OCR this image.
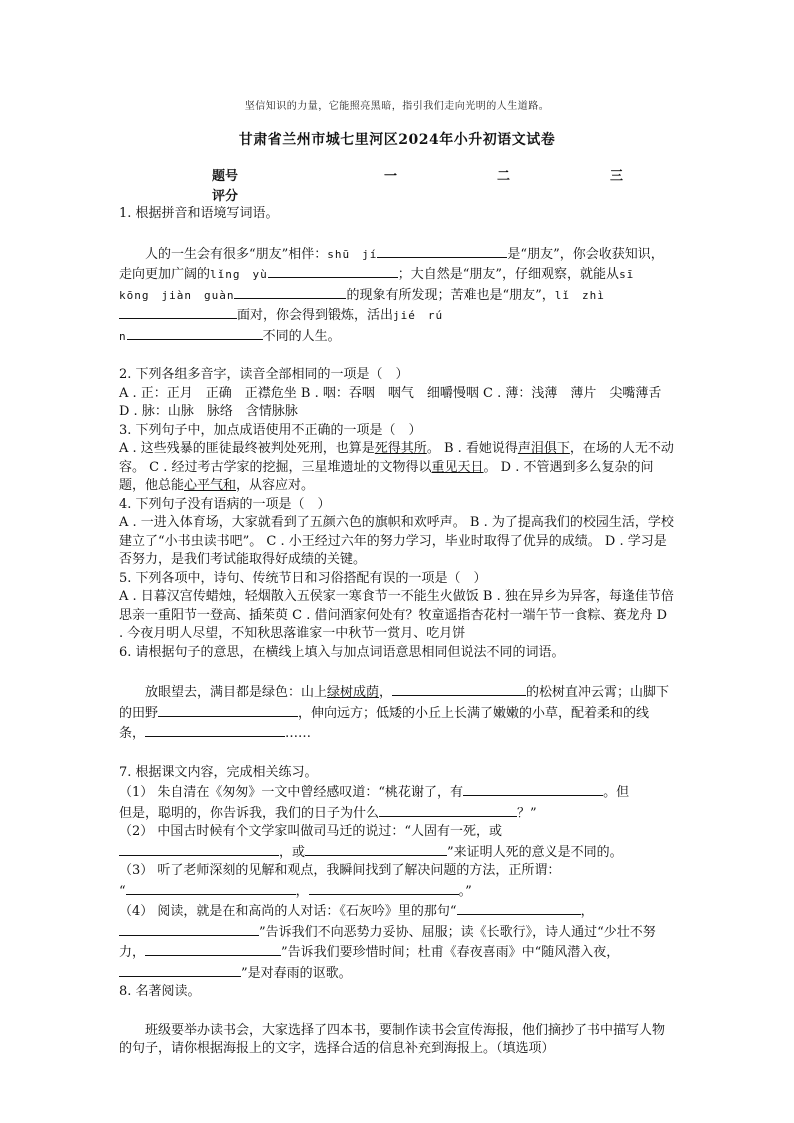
坚信知识的力量，它能照亮黑暗，指引我们走向光明的人生道路。
甘肃省兰州市城七里河区2024年小升初语文试卷
题号	一	二	三
评分

1. 根据拼音和语境写词语。

人的一生会有很多“朋友”相伴：shū　jí	是“朋友”，你会收获知识，走向更加广阔的lǐng　yù	；大自然是“朋友”，仔细观察，就能从sī　kōng　jiàn　guàn	的现象有所发现；苦难也是“朋友”，lǐ　zhì面对，你会得到锻炼，活出jié　rú

n	不同的人生。

2. 下列各组多音字，读音全部相同的一项是（　）

A . 正：正月　正确　正襟危坐 B . 咽：吞咽　咽气　细嚼慢咽 C . 薄：浅薄　薄片　尖嘴薄舌 D . 脉：山脉　脉络　含情脉脉

3. 下列句子中，加点成语使用不正确的一项是（　）

A . 这些残暴的匪徒最终被判处死刑，也算是死得其所。 B . 看她说得声泪俱下，在场的人无不动容。 C . 经过考古学家的挖掘，三星堆遗址的文物得以重见天日。 D . 不管遇到多么复杂的问题，他总能心平气和，从容应对。

4. 下列句子没有语病的一项是（　）

A . 一进入体育场，大家就看到了五颜六色的旗帜和欢呼声。 B . 为了提高我们的校园生活，学校建立了“小书虫读书吧”。 C . 小王经过六年的努力学习，毕业时取得了优异的成绩。 D . 学习是否努力，是我们考试能取得好成绩的关键。

5. 下列各项中，诗句、传统节日和习俗搭配有误的一项是（　）

A . 日暮汉宫传蜡烛，轻烟散入五侯家一寒食节一不能生火做饭 B . 独在异乡为异客，每逢佳节倍思亲一重阳节一登高、插茱萸 C . 借问酒家何处有？牧童遥指杏花村一端午节一食粽、赛龙舟 D . 今夜月明人尽望，不知秋思落谁家一中秋节一赏月、吃月饼

6. 请根据句子的意思，在横线上填入与加点词语意思相同但说法不同的词语。

放眼望去，满目都是绿色：山上绿树成荫，	的松树直冲云霄；山脚下的田野	，伸向远方；低矮的小丘上长满了嫩嫩的小草，配着柔和的线条，	……

7. 根据课文内容，完成相关练习。

（1） 朱自清在《匆匆》一文中曾经感叹道：“桃花谢了，有	。但

但是，聪明的，你告诉我，我们的日子为什么	？”

（2） 中国古时候有个文学家叫做司马迁的说过：“人固有一死，或

，或	”来证明人死的意义是不同的。

（3） 听了老师深刻的见解和观点，我瞬间找到了解决问题的方法，正所谓：

“	，	。”

（4） 阅读，就是在和高尚的人对话：《石灰吟》里的那句“	，”告诉我们不向恶势力妥协、屈服；读《长歌行》，诗人通过“少壮不努力，	”告诉我们要珍惜时间；杜甫《春夜喜雨》中“随风潜入夜，”是对春雨的讴歌。

8. 名著阅读。

班级要举办读书会，大家选择了四本书，要制作读书会宣传海报，他们摘抄了书中描写人物的句子，请你根据海报上的文字，选择合适的信息补充到海报上。（填选项）
